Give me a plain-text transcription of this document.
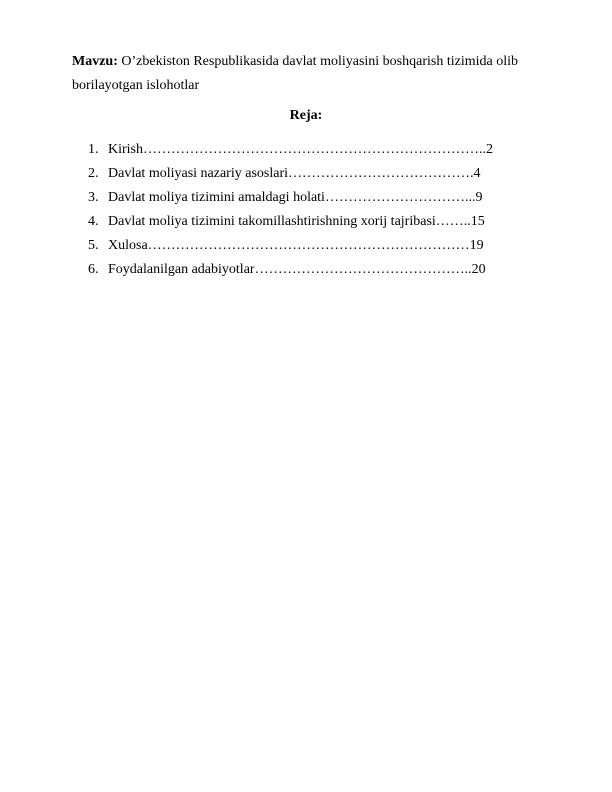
Mavzu: O’zbekiston Respublikasida davlat moliyasini boshqarish tizimida olib borilayotgan islohotlar
Reja:
1. Kirish………………………………………………………………..2
2. Davlat moliyasi nazariy asoslari………………………………….4
3. Davlat moliya tizimini amaldagi holati…………………………...9
4. Davlat moliya tizimini takomillashtirishning xorij tajribasi……..15
5. Xulosa……………………………………………………………19
6. Foydalanilgan adabiyotlar………………………………………..20
